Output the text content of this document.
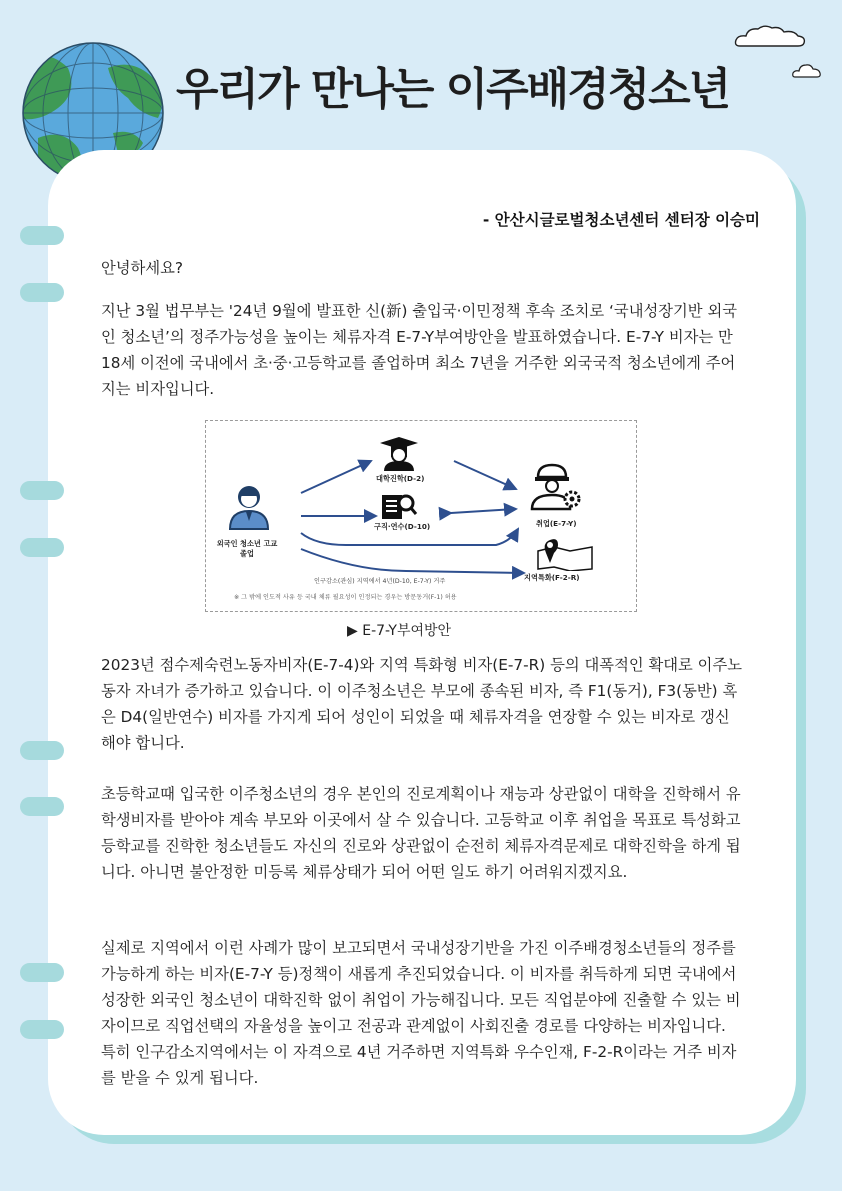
우리가 만나는 이주배경청소년
- 안산시글로벌청소년센터 센터장 이승미

안녕하세요?

지난 3월 법무부는 '24년 9월에 발표한 신(新) 출입국·이민정책 후속 조치로 ‘국내성장기반 외국인 청소년’의 정주가능성을 높이는 체류자격 E-7-Y부여방안을 발표하였습니다. E-7-Y 비자는 만 18세 이전에 국내에서 초·중·고등학교를 졸업하며 최소 7년을 거주한 외국국적 청소년에게 주어지는 비자입니다.

외국인 청소년 고교 졸업
대학진학(D-2)
구직·연수(D-10)	취업(E-7-Y)
지역특화(F-2-R)
인구감소(관심) 지역에서 4년(D-10, E-7-Y) 거주
※ 그 밖에 인도적 사유 등 국내 체류 필요성이 인정되는 경우는 방문동거(F-1) 허용
▶ E-7-Y부여방안

2023년 점수제숙련노동자비자(E-7-4)와 지역 특화형 비자(E-7-R) 등의 대폭적인 확대로 이주노동자 자녀가 증가하고 있습니다. 이 이주청소년은 부모에 종속된 비자, 즉 F1(동거), F3(동반) 혹은 D4(일반연수) 비자를 가지게 되어 성인이 되었을 때 체류자격을 연장할 수 있는 비자로 갱신해야 합니다.

초등학교때 입국한 이주청소년의 경우 본인의 진로계획이나 재능과 상관없이 대학을 진학해서 유학생비자를 받아야 계속 부모와 이곳에서 살 수 있습니다. 고등학교 이후 취업을 목표로 특성화고등학교를 진학한 청소년들도 자신의 진로와 상관없이 순전히 체류자격문제로 대학진학을 하게 됩니다. 아니면 불안정한 미등록 체류상태가 되어 어떤 일도 하기 어려워지겠지요.

실제로 지역에서 이런 사례가 많이 보고되면서 국내성장기반을 가진 이주배경청소년들의 정주를 가능하게 하는 비자(E-7-Y 등)정책이 새롭게 추진되었습니다. 이 비자를 취득하게 되면 국내에서 성장한 외국인 청소년이 대학진학 없이 취업이 가능해집니다. 모든 직업분야에 진출할 수 있는 비자이므로 직업선택의 자율성을 높이고 전공과 관계없이 사회진출 경로를 다양하는 비자입니다. 특히 인구감소지역에서는 이 자격으로 4년 거주하면 지역특화 우수인재, F-2-R이라는 거주 비자를 받을 수 있게 됩니다.
